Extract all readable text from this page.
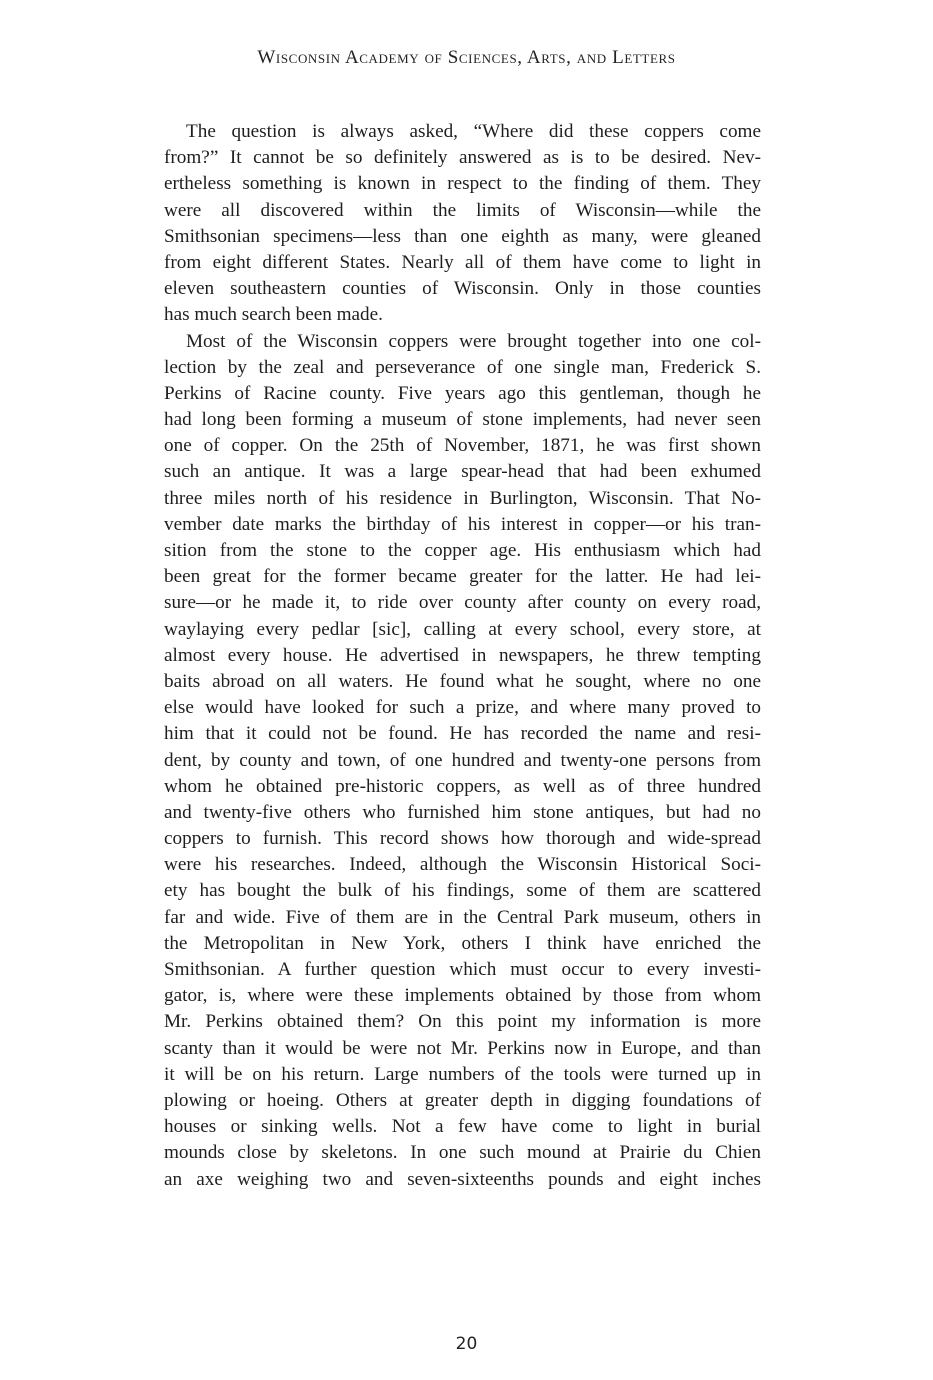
Wisconsin Academy of Sciences, Arts, and Letters
The question is always asked, “Where did these coppers come
from?” It cannot be so definitely answered as is to be desired. Nev-
ertheless something is known in respect to the finding of them. They
were all discovered within the limits of Wisconsin—while the
Smithsonian specimens—less than one eighth as many, were gleaned
from eight different States. Nearly all of them have come to light in
eleven southeastern counties of Wisconsin. Only in those counties
has much search been made.
Most of the Wisconsin coppers were brought together into one col-
lection by the zeal and perseverance of one single man, Frederick S.
Perkins of Racine county. Five years ago this gentleman, though he
had long been forming a museum of stone implements, had never seen
one of copper. On the 25th of November, 1871, he was first shown
such an antique. It was a large spear-head that had been exhumed
three miles north of his residence in Burlington, Wisconsin. That No-
vember date marks the birthday of his interest in copper—or his tran-
sition from the stone to the copper age. His enthusiasm which had
been great for the former became greater for the latter. He had lei-
sure—or he made it, to ride over county after county on every road,
waylaying every pedlar [sic], calling at every school, every store, at
almost every house. He advertised in newspapers, he threw tempting
baits abroad on all waters. He found what he sought, where no one
else would have looked for such a prize, and where many proved to
him that it could not be found. He has recorded the name and resi-
dent, by county and town, of one hundred and twenty-one persons from
whom he obtained pre-historic coppers, as well as of three hundred
and twenty-five others who furnished him stone antiques, but had no
coppers to furnish. This record shows how thorough and wide-spread
were his researches. Indeed, although the Wisconsin Historical Soci-
ety has bought the bulk of his findings, some of them are scattered
far and wide. Five of them are in the Central Park museum, others in
the Metropolitan in New York, others I think have enriched the
Smithsonian. A further question which must occur to every investi-
gator, is, where were these implements obtained by those from whom
Mr. Perkins obtained them? On this point my information is more
scanty than it would be were not Mr. Perkins now in Europe, and than
it will be on his return. Large numbers of the tools were turned up in
plowing or hoeing. Others at greater depth in digging foundations of
houses or sinking wells. Not a few have come to light in burial
mounds close by skeletons. In one such mound at Prairie du Chien
an axe weighing two and seven-sixteenths pounds and eight inches
20
